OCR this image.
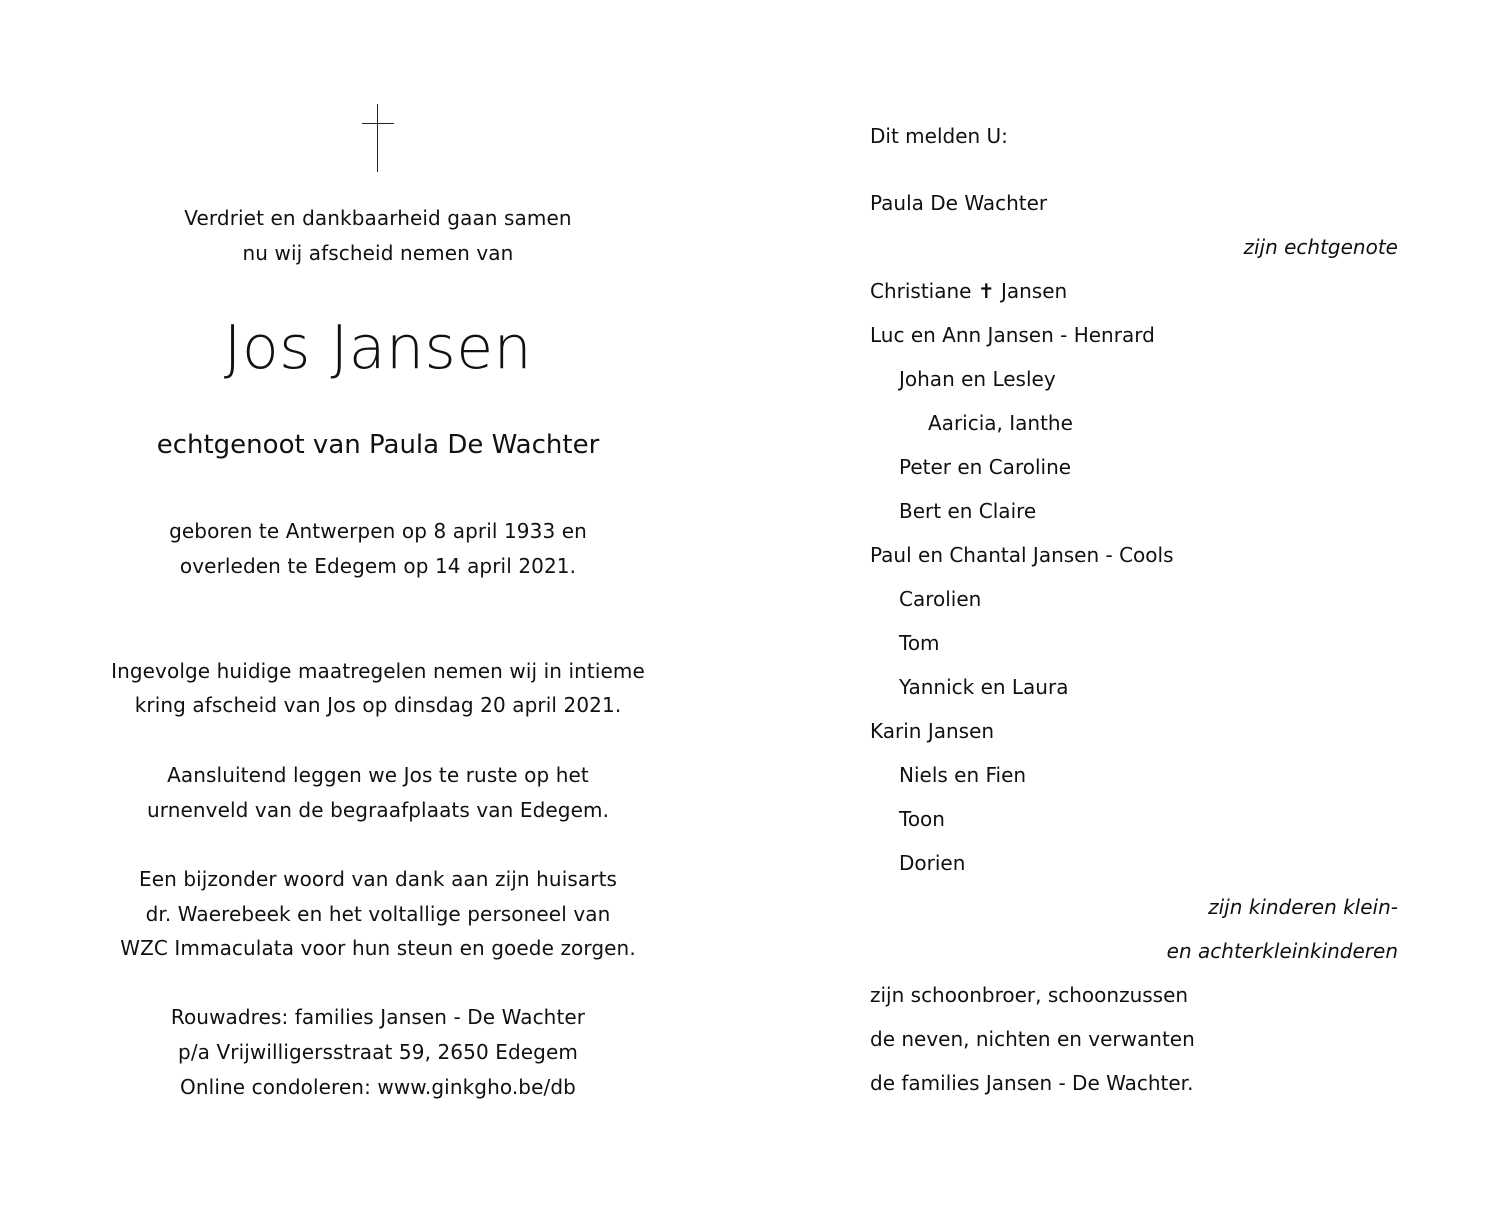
Verdriet en dankbaarheid gaan samen
nu wij afscheid nemen van
Jos Jansen
echtgenoot van Paula De Wachter
geboren te Antwerpen op 8 april 1933 en
overleden te Edegem op 14 april 2021.
Ingevolge huidige maatregelen nemen wij in intieme
kring afscheid van Jos op dinsdag 20 april 2021.
Aansluitend leggen we Jos te ruste op het
urnenveld van de begraafplaats van Edegem.
Een bijzonder woord van dank aan zijn huisarts
dr. Waerebeek en het voltallige personeel van
WZC Immaculata voor hun steun en goede zorgen.
Rouwadres: families Jansen - De Wachter
p/a Vrijwilligersstraat 59, 2650 Edegem
Online condoleren: www.ginkgho.be/db
Dit melden U:
Paula De Wachter
zijn echtgenote
Christiane ✝ Jansen
Luc en Ann Jansen - Henrard
Johan en Lesley
Aaricia, Ianthe
Peter en Caroline
Bert en Claire
Paul en Chantal Jansen - Cools
Carolien
Tom
Yannick en Laura
Karin Jansen
Niels en Fien
Toon
Dorien
zijn kinderen klein-
en achterkleinkinderen
zijn schoonbroer, schoonzussen
de neven, nichten en verwanten
de families Jansen - De Wachter.
